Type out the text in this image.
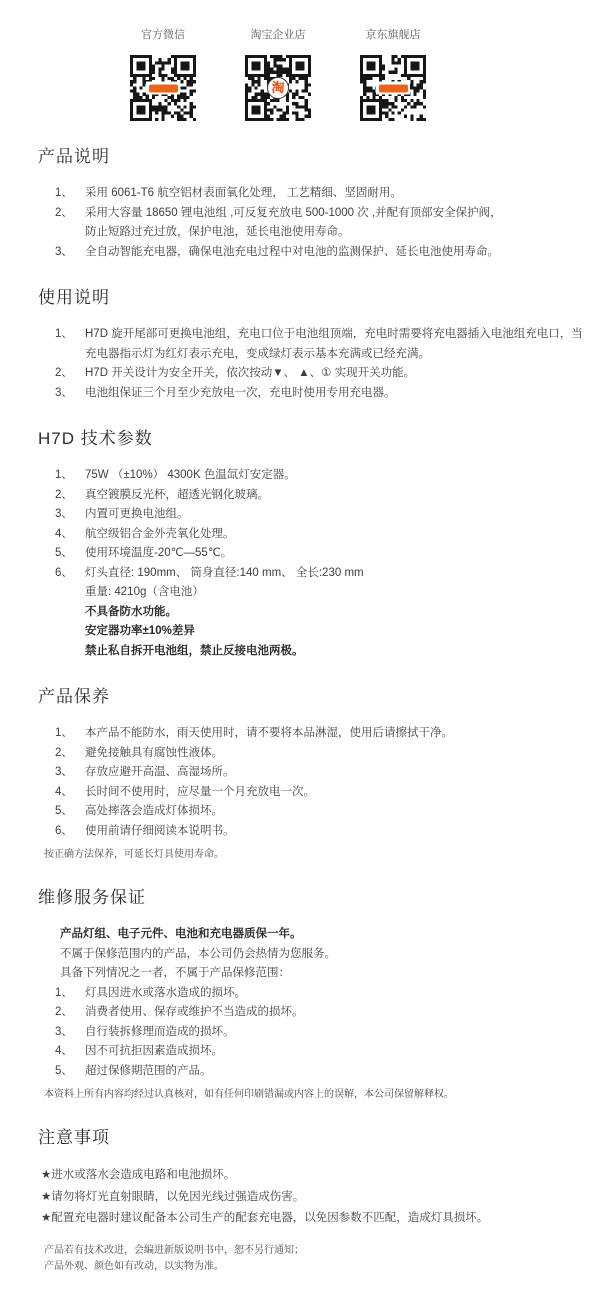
官方微信	淘宝企业店
淘
京东旗舰店
产品说明
1、	采用 6061-T6 航空铝材表面氧化处理， 工艺精细、坚固耐用。
2、	采用大容量 18650 锂电池组 ,可反复充放电 500-1000 次 ,并配有顶部安全保护阀，
防止短路过充过放，保护电池，延长电池使用寿命。
3、	全自动智能充电器，确保电池充电过程中对电池的监测保护、延长电池使用寿命。
使用说明
1、	H7D 旋开尾部可更换电池组，充电口位于电池组顶端，充电时需要将充电器插入电池组充电口，当
充电器指示灯为红灯表示充电，变成绿灯表示基本充满或已经充满。
2、	H7D 开关设计为安全开关，依次按动▼、 ▲、① 实现开关功能。
3、	电池组保证三个月至少充放电一次，充电时使用专用充电器。
H7D 技术参数
1、	75W （±10%） 4300K 色温氙灯安定器。
2、	真空镀膜反光杯，超透光钢化玻璃。
3、	内置可更换电池组。
4、	航空级铝合金外壳氧化处理。
5、	使用环境温度-20℃—55℃。
6、	灯头直径: 190mm、 筒身直径:140 mm、 全长:230 mm
重量: 4210g（含电池）
不具备防水功能。
安定器功率±10%差异
禁止私自拆开电池组，禁止反接电池两极。
产品保养
1、	本产品不能防水，雨天使用时，请不要将本品淋湿，使用后请擦拭干净。
2、	避免接触具有腐蚀性液体。
3、	存放应避开高温、高湿场所。
4、	长时间不使用时，应尽量一个月充放电一次。
5、	高处摔落会造成灯体损坏。
6、	使用前请仔细阅读本说明书。
按正确方法保养，可延长灯具使用寿命。
维修服务保证
产品灯组、电子元件、电池和充电器质保一年。
不属于保修范围内的产品，本公司仍会热情为您服务。
具备下列情况之一者，不属于产品保修范围：
1、	灯具因进水或落水造成的损坏。
2、	消费者使用、保存或维护不当造成的损坏。
3、	自行装拆修理而造成的损坏。
4、	因不可抗拒因素造成损坏。
5、	超过保修期范围的产品。
本资料上所有内容均经过认真核对，如有任何印刷错漏或内容上的误解，本公司保留解释权。
注意事项
★进水或落水会造成电路和电池损坏。
★请勿将灯光直射眼睛，以免因光线过强造成伤害。
★配置充电器时建议配备本公司生产的配套充电器，以免因参数不匹配，造成灯具损坏。
产品若有技术改进，会编进新版说明书中，恕不另行通知；
产品外观、颜色如有改动，以实物为准。
